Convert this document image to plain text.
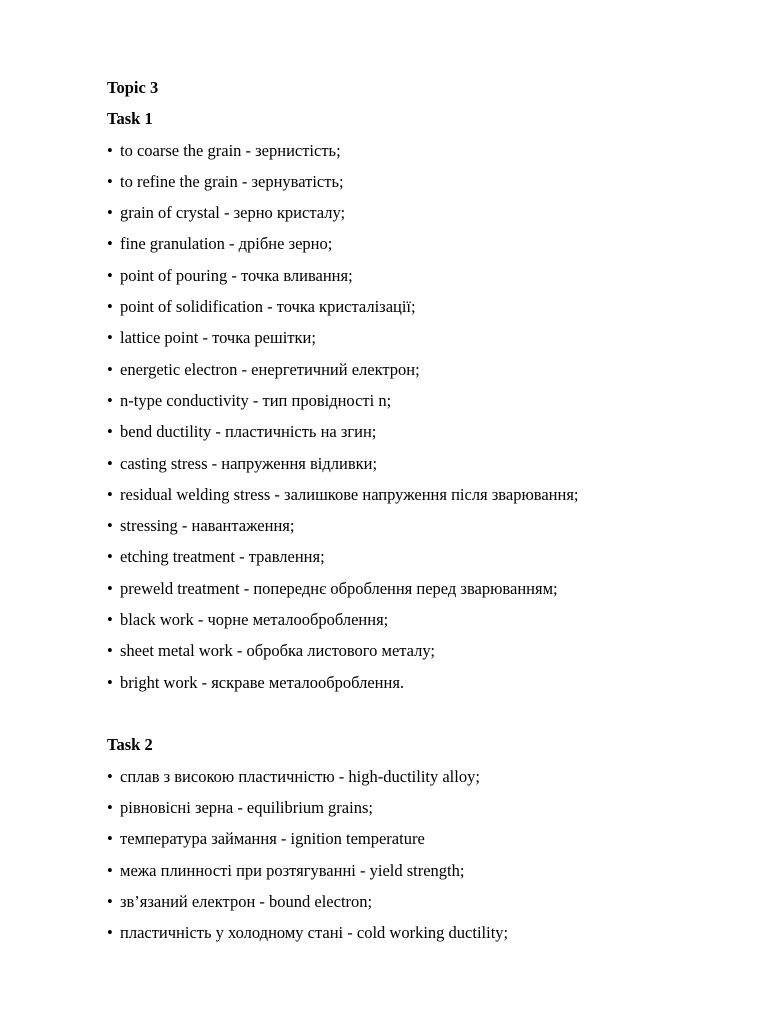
Topic 3
Task 1
• to coarse the grain - зернистість;
• to refine the grain - зернуватість;
• grain of crystal - зерно кристалу;
• fine granulation - дрібне зерно;
• point of pouring - точка вливання;
• point of solidification - точка кристалізації;
• lattice point - точка решітки;
• energetic electron - енергетичний електрон;
• n-type conductivity - тип провідності n;
• bend ductility - пластичність на згин;
• casting stress - напруження відливки;
• residual welding stress - залишкове напруження після зварювання;
• stressing - навантаження;
• etching treatment - травлення;
• preweld treatment - попереднє оброблення перед зварюванням;
• black work - чорне металооброблення;
• sheet metal work - обробка листового металу;
• bright work - яскраве металооброблення.
Task 2
• сплав з високою пластичністю - high-ductility alloy;
• рівновісні зерна - equilibrium grains;
• температура займання - ignition temperature
• межа плинності при розтягуванні - yield strength;
• зв’язаний електрон - bound electron;
• пластичність у холодному стані - cold working ductility;
